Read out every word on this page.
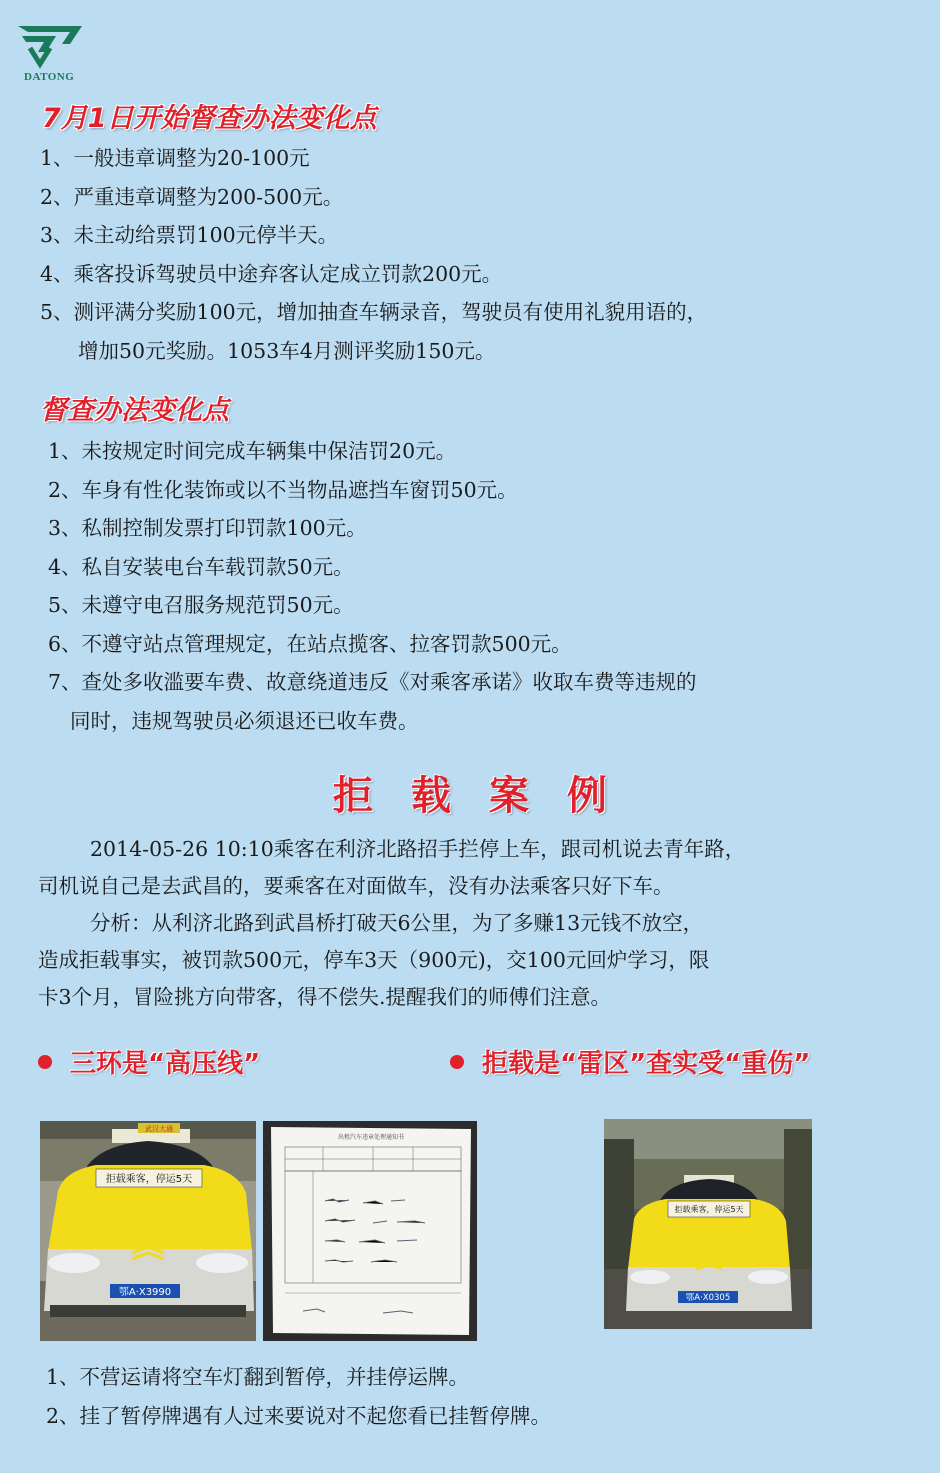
DATONG
7月1日开始督查办法变化点
1、一般违章调整为20-100元
2、严重违章调整为200-500元。
3、未主动给票罚100元停半天。
4、乘客投诉驾驶员中途弃客认定成立罚款200元。
5、测评满分奖励100元，增加抽查车辆录音，驾驶员有使用礼貌用语的，
增加50元奖励。1053车4月测评奖励150元。
督查办法变化点
1、未按规定时间完成车辆集中保洁罚20元。
2、车身有性化装饰或以不当物品遮挡车窗罚50元。
3、私制控制发票打印罚款100元。
4、私自安装电台车载罚款50元。
5、未遵守电召服务规范罚50元。
6、不遵守站点管理规定，在站点揽客、拉客罚款500元。
7、查处多收滥要车费、故意绕道违反《对乘客承诺》收取车费等违规的
同时，违规驾驶员必须退还已收车费。
拒载案例
2014-05-26 10:10乘客在利济北路招手拦停上车，跟司机说去青年路，
司机说自己是去武昌的，要乘客在对面做车，没有办法乘客只好下车。
分析：从利济北路到武昌桥打破天6公里，为了多赚13元钱不放空，
造成拒载事实，被罚款500元，停车3天（900元)，交100元回炉学习，限
卡3个月，冒险挑方向带客，得不偿失.提醒我们的师傅们注意。
三环是“高压线”	拒载是“雷区”查实受“重伤”
武汉大通
拒载乘客，停运5天
鄂A·X3990
出租汽车违章处理通知书
拒载乘客，停运5天
鄂A·X0305
1、不营运请将空车灯翻到暂停，并挂停运牌。
2、挂了暂停牌遇有人过来要说对不起您看已挂暂停牌。
